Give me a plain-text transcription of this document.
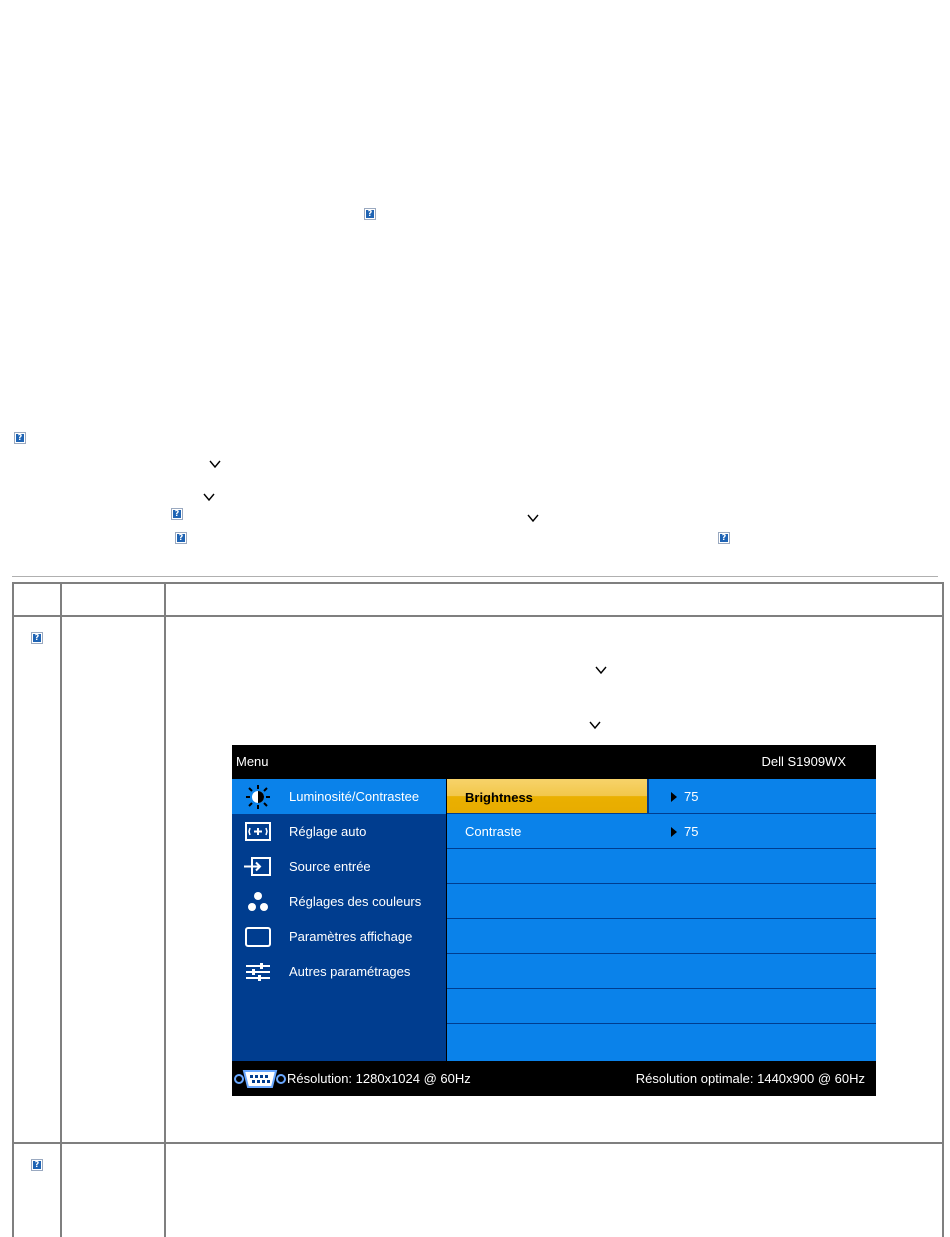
?
?
?
?	?
?
?
Menu	Dell S1909WX
Luminosité/Contrastee
Réglage auto
Source entrée
Réglages des couleurs
Paramètres affichage
Autres paramétrages
Brightness	75
Contraste	75
Résolution: 1280x1024 @ 60Hz	Résolution optimale: 1440x900 @ 60Hz
